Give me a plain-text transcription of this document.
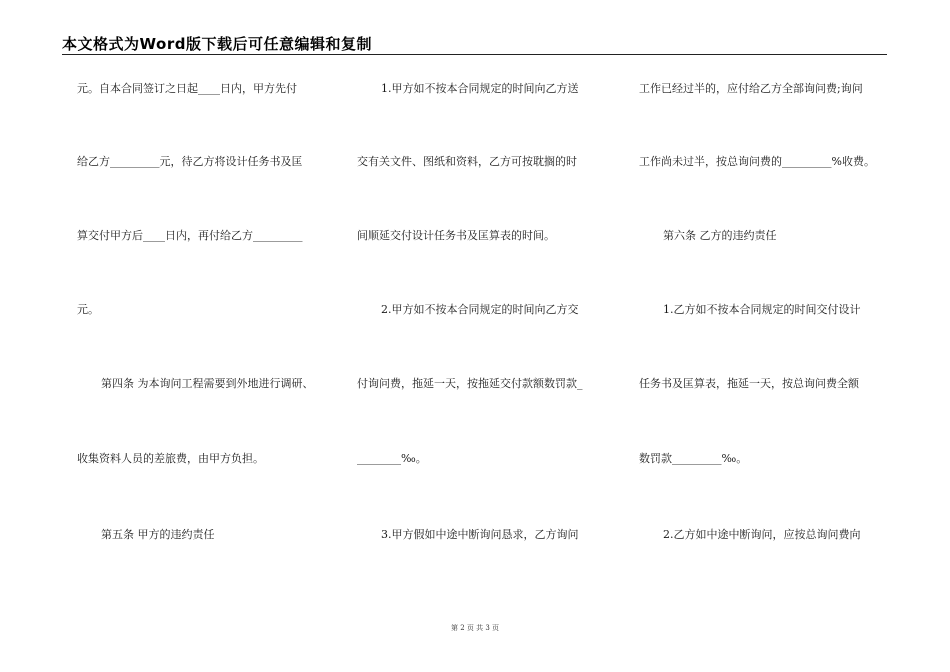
本文格式为Word版下载后可任意编辑和复制
元。自本合同签订之日起____日内，甲方先付
给乙方_________元，待乙方将设计任务书及匡
算交付甲方后____日内，再付给乙方_________
元。
第四条 为本询问工程需要到外地进行调研、
收集资料人员的差旅费，由甲方负担。
第五条 甲方的违约责任
1.甲方如不按本合同规定的时间向乙方送
交有关文件、图纸和资料，乙方可按耽搁的时
间顺延交付设计任务书及匡算表的时间。
2.甲方如不按本合同规定的时间向乙方交
付询问费，拖延一天，按拖延交付款额数罚款_
________‰。
3.甲方假如中途中断询问恳求，乙方询问
工作已经过半的，应付给乙方全部询问费;询问
工作尚未过半，按总询问费的_________%收费。
第六条 乙方的违约责任
1.乙方如不按本合同规定的时间交付设计
任务书及匡算表，拖延一天，按总询问费全额
数罚款_________‰。
2.乙方如中途中断询问，应按总询问费向
第 2 页 共 3 页
